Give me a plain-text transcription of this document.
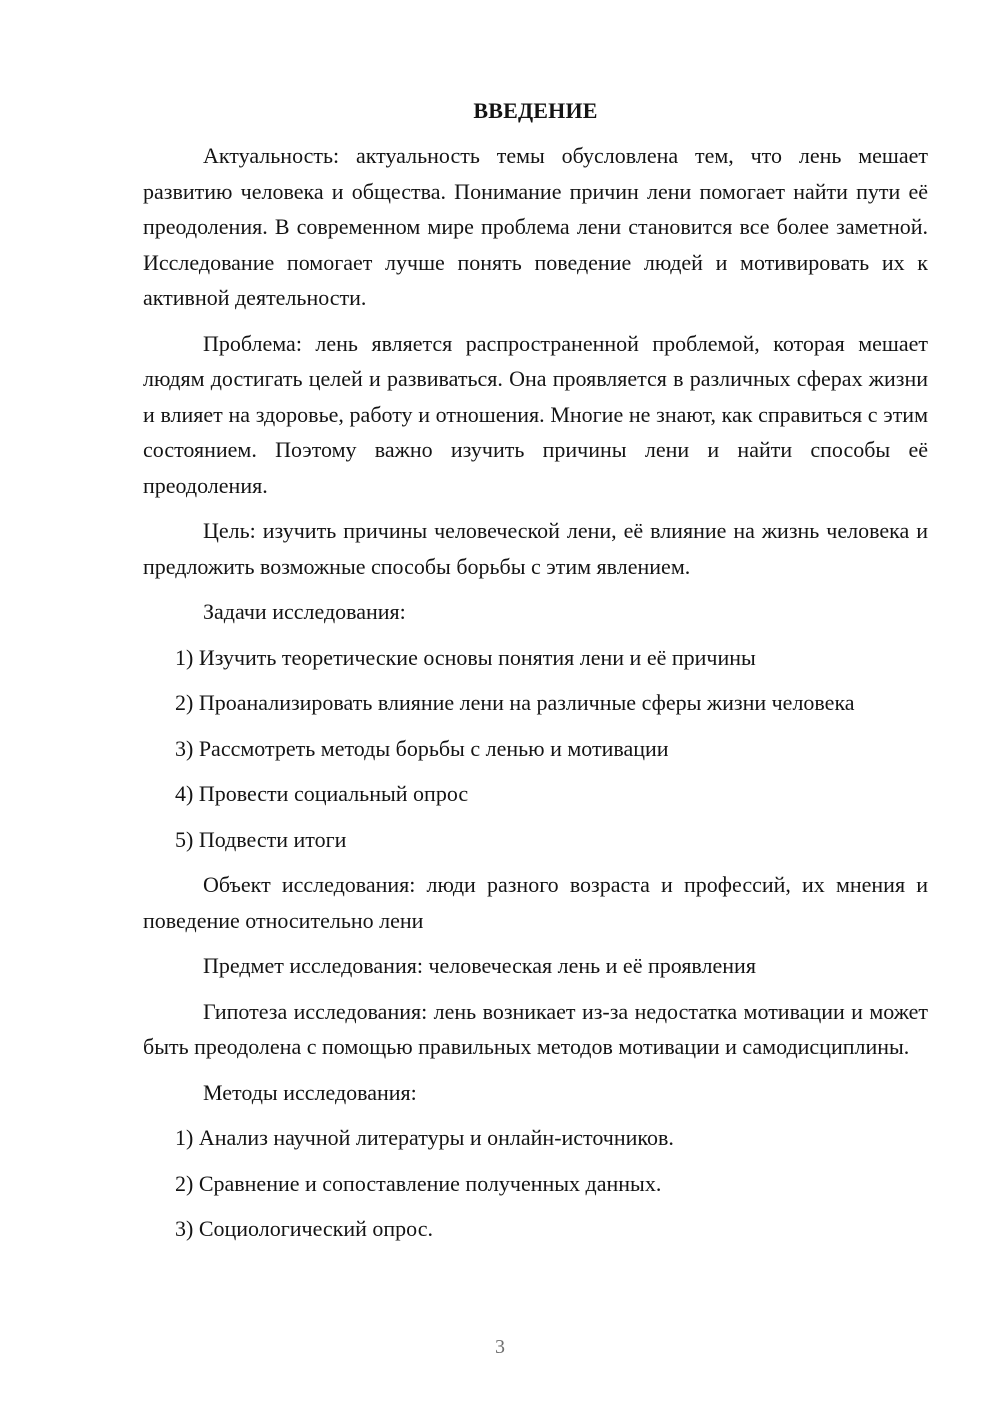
ВВЕДЕНИЕ

Актуальность: актуальность темы обусловлена тем, что лень мешает развитию человека и общества. Понимание причин лени помогает найти пути её преодоления. В современном мире проблема лени становится все более заметной. Исследование помогает лучше понять поведение людей и мотивировать их к активной деятельности.

Проблема: лень является распространенной проблемой, которая мешает людям достигать целей и развиваться. Она проявляется в различных сферах жизни и влияет на здоровье, работу и отношения. Многие не знают, как справиться с этим состоянием. Поэтому важно изучить причины лени и найти способы её преодоления.

Цель: изучить причины человеческой лени, её влияние на жизнь человека и предложить возможные способы борьбы с этим явлением.

Задачи исследования:

1) Изучить теоретические основы понятия лени и её причины

2) Проанализировать влияние лени на различные сферы жизни человека

3) Рассмотреть методы борьбы с ленью и мотивации

4) Провести социальный опрос

5) Подвести итоги

Объект исследования: люди разного возраста и профессий, их мнения и поведение относительно лени

Предмет исследования: человеческая лень и её проявления

Гипотеза исследования: лень возникает из-за недостатка мотивации и может быть преодолена с помощью правильных методов мотивации и самодисциплины.

Методы исследования:

1) Анализ научной литературы и онлайн-источников.

2) Сравнение и сопоставление полученных данных.

3) Социологический опрос.

3
